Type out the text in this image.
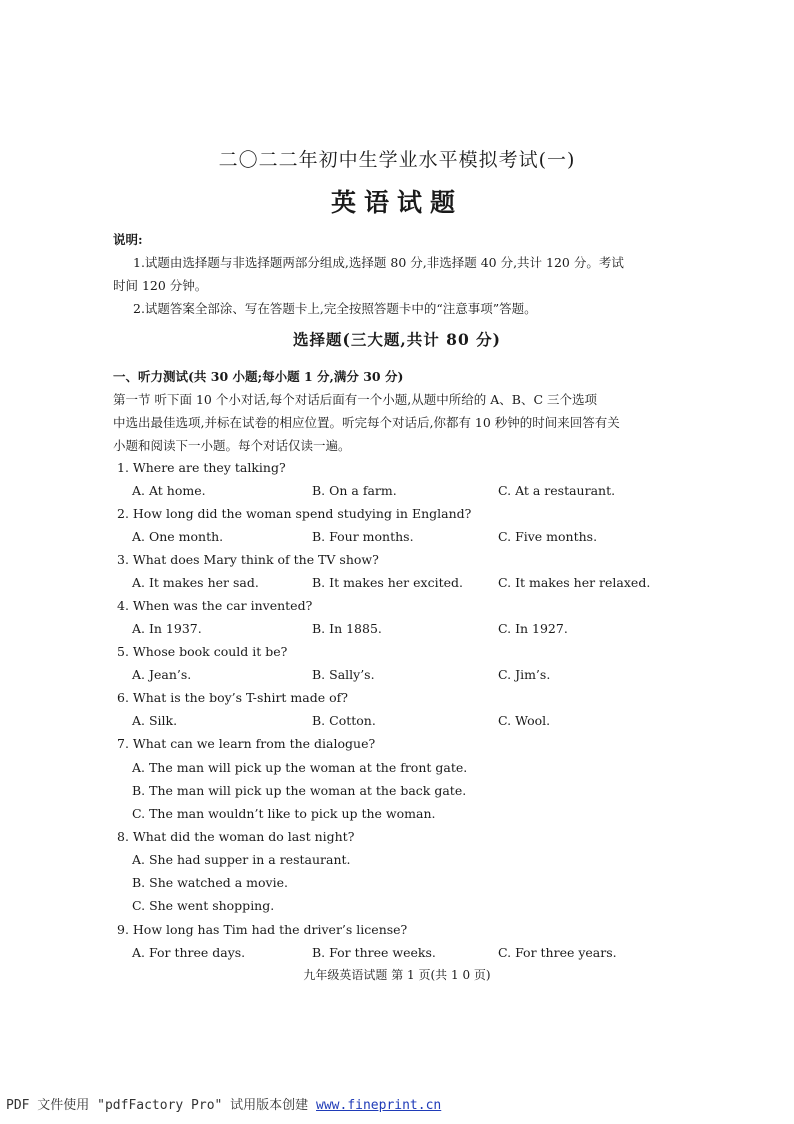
二〇二二年初中生学业水平模拟考试(一)
英语试题
说明:
1.试题由选择题与非选择题两部分组成,选择题 80 分,非选择题 40 分,共计 120 分。考试
时间 120 分钟。
2.试题答案全部涂、写在答题卡上,完全按照答题卡中的“注意事项”答题。
选择题(三大题,共计 80 分)
一、听力测试(共 30 小题;每小题 1 分,满分 30 分)
第一节 听下面 10 个小对话,每个对话后面有一个小题,从题中所给的 A、B、C 三个选项
中选出最佳选项,并标在试卷的相应位置。听完每个对话后,你都有 10 秒钟的时间来回答有关
小题和阅读下一小题。每个对话仅读一遍。
1. Where are they talking?
A. At home.	B. On a farm.	C. At a restaurant.
2. How long did the woman spend studying in England?
A. One month.	B. Four months.	C. Five months.
3. What does Mary think of the TV show?
A. It makes her sad.	B. It makes her excited.	C. It makes her relaxed.
4. When was the car invented?
A. In 1937.	B. In 1885.	C. In 1927.
5. Whose book could it be?
A. Jean’s.	B. Sally’s.	C. Jim’s.
6. What is the boy’s T-shirt made of?
A. Silk.	B. Cotton.	C. Wool.
7. What can we learn from the dialogue?
A. The man will pick up the woman at the front gate.
B. The man will pick up the woman at the back gate.
C. The man wouldn’t like to pick up the woman.
8. What did the woman do last night?
A. She had supper in a restaurant.
B. She watched a movie.
C. She went shopping.
9. How long has Tim had the driver’s license?
A. For three days.	B. For three weeks.	C. For three years.
九年级英语试题 第 1 页(共 1 0 页)
PDF 文件使用 "pdfFactory Pro" 试用版本创建 www.fineprint.cn
